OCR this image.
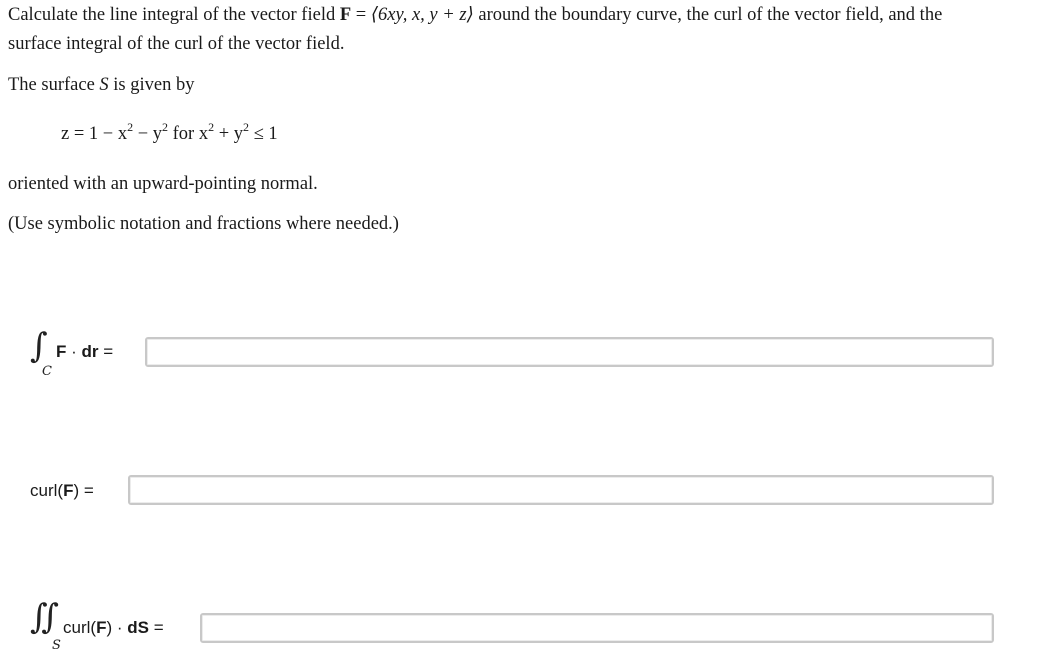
Calculate the line integral of the vector field F = ⟨6xy, x, y + z⟩ around the boundary curve, the curl of the vector field, and the
surface integral of the curl of the vector field.
The surface S is given by
$z = 1 - x^2 - y^2$ for $x^2 + y^2 \le 1$
oriented with an upward-pointing normal.
(Use symbolic notation and fractions where needed.)
∫
C
F · dr =
curl(F) =
∬
S
curl(F) · dS =
